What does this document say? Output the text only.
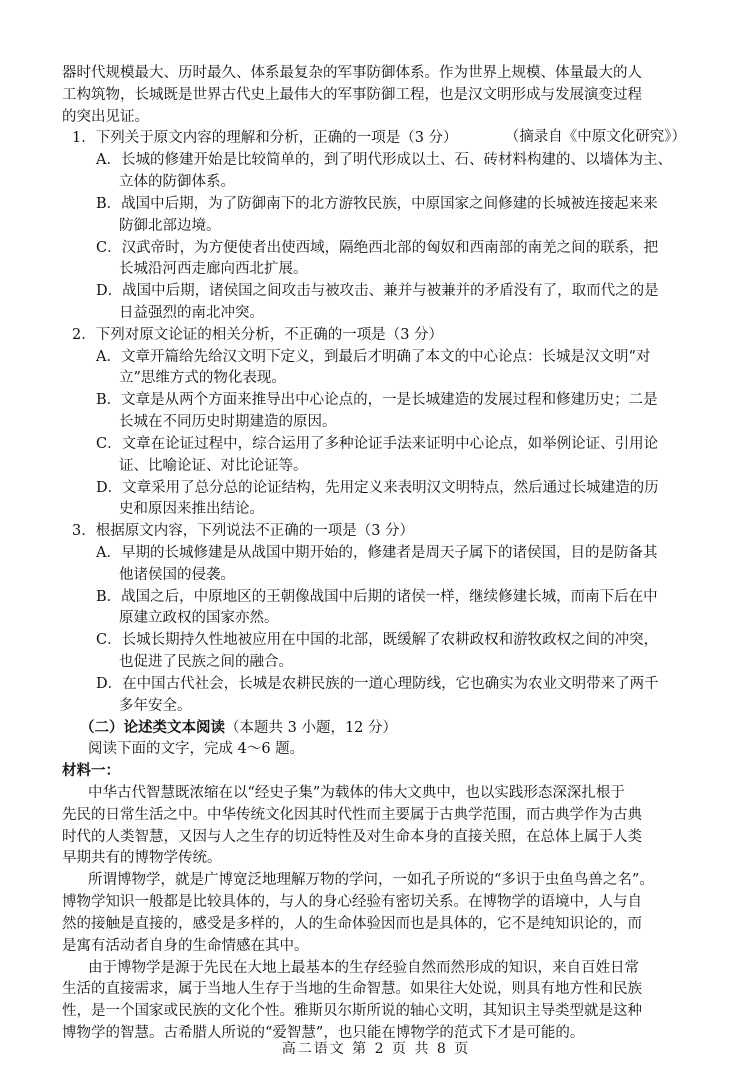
器时代规模最大、历时最久、体系最复杂的军事防御体系。作为世界上规模、体量最大的人
工构筑物，长城既是世界古代史上最伟大的军事防御工程，也是汉文明形成与发展演变过程
的突出见证。
（摘录自《中原文化研究》）
1．下列关于原文内容的理解和分析，正确的一项是（3 分）
A．长城的修建开始是比较简单的，到了明代形成以土、石、砖材料构建的、以墙体为主、
立体的防御体系。
B．战国中后期，为了防御南下的北方游牧民族，中原国家之间修建的长城被连接起来来
防御北部边境。
C．汉武帝时，为方便使者出使西域，隔绝西北部的匈奴和西南部的南羌之间的联系，把
长城沿河西走廊向西北扩展。
D．战国中后期，诸侯国之间攻击与被攻击、兼并与被兼并的矛盾没有了，取而代之的是
日益强烈的南北冲突。
2．下列对原文论证的相关分析，不正确的一项是（3 分）
A．文章开篇给先给汉文明下定义，到最后才明确了本文的中心论点：长城是汉文明“对
立”思维方式的物化表现。
B．文章是从两个方面来推导出中心论点的，一是长城建造的发展过程和修建历史；二是
长城在不同历史时期建造的原因。
C．文章在论证过程中，综合运用了多种论证手法来证明中心论点，如举例论证、引用论
证、比喻论证、对比论证等。
D．文章采用了总分总的论证结构，先用定义来表明汉文明特点，然后通过长城建造的历
史和原因来推出结论。
3．根据原文内容，下列说法不正确的一项是（3 分）
A．早期的长城修建是从战国中期开始的，修建者是周天子属下的诸侯国，目的是防备其
他诸侯国的侵袭。
B．战国之后，中原地区的王朝像战国中后期的诸侯一样，继续修建长城，而南下后在中
原建立政权的国家亦然。
C．长城长期持久性地被应用在中国的北部，既缓解了农耕政权和游牧政权之间的冲突，
也促进了民族之间的融合。
D．在中国古代社会，长城是农耕民族的一道心理防线，它也确实为农业文明带来了两千
多年安全。
（二）论述类文本阅读（本题共 3 小题，12 分）
阅读下面的文字，完成 4～6 题。
材料一：
中华古代智慧既浓缩在以“经史子集”为载体的伟大文典中，也以实践形态深深扎根于
先民的日常生活之中。中华传统文化因其时代性而主要属于古典学范围，而古典学作为古典
时代的人类智慧，又因与人之生存的切近特性及对生命本身的直接关照，在总体上属于人类
早期共有的博物学传统。
所谓博物学，就是广博宽泛地理解万物的学问，一如孔子所说的“多识于虫鱼鸟兽之名”。
博物学知识一般都是比较具体的，与人的身心经验有密切关系。在博物学的语境中，人与自
然的接触是直接的，感受是多样的，人的生命体验因而也是具体的，它不是纯知识论的，而
是寓有活动者自身的生命情感在其中。
由于博物学是源于先民在大地上最基本的生存经验自然而然形成的知识，来自百姓日常
生活的直接需求，属于当地人生存于当地的生命智慧。如果往大处说，则具有地方性和民族
性，是一个国家或民族的文化个性。雅斯贝尔斯所说的轴心文明，其知识主导类型就是这种
博物学的智慧。古希腊人所说的“爱智慧”，也只能在博物学的范式下才是可能的。
高二语文 第 2 页 共 8 页
